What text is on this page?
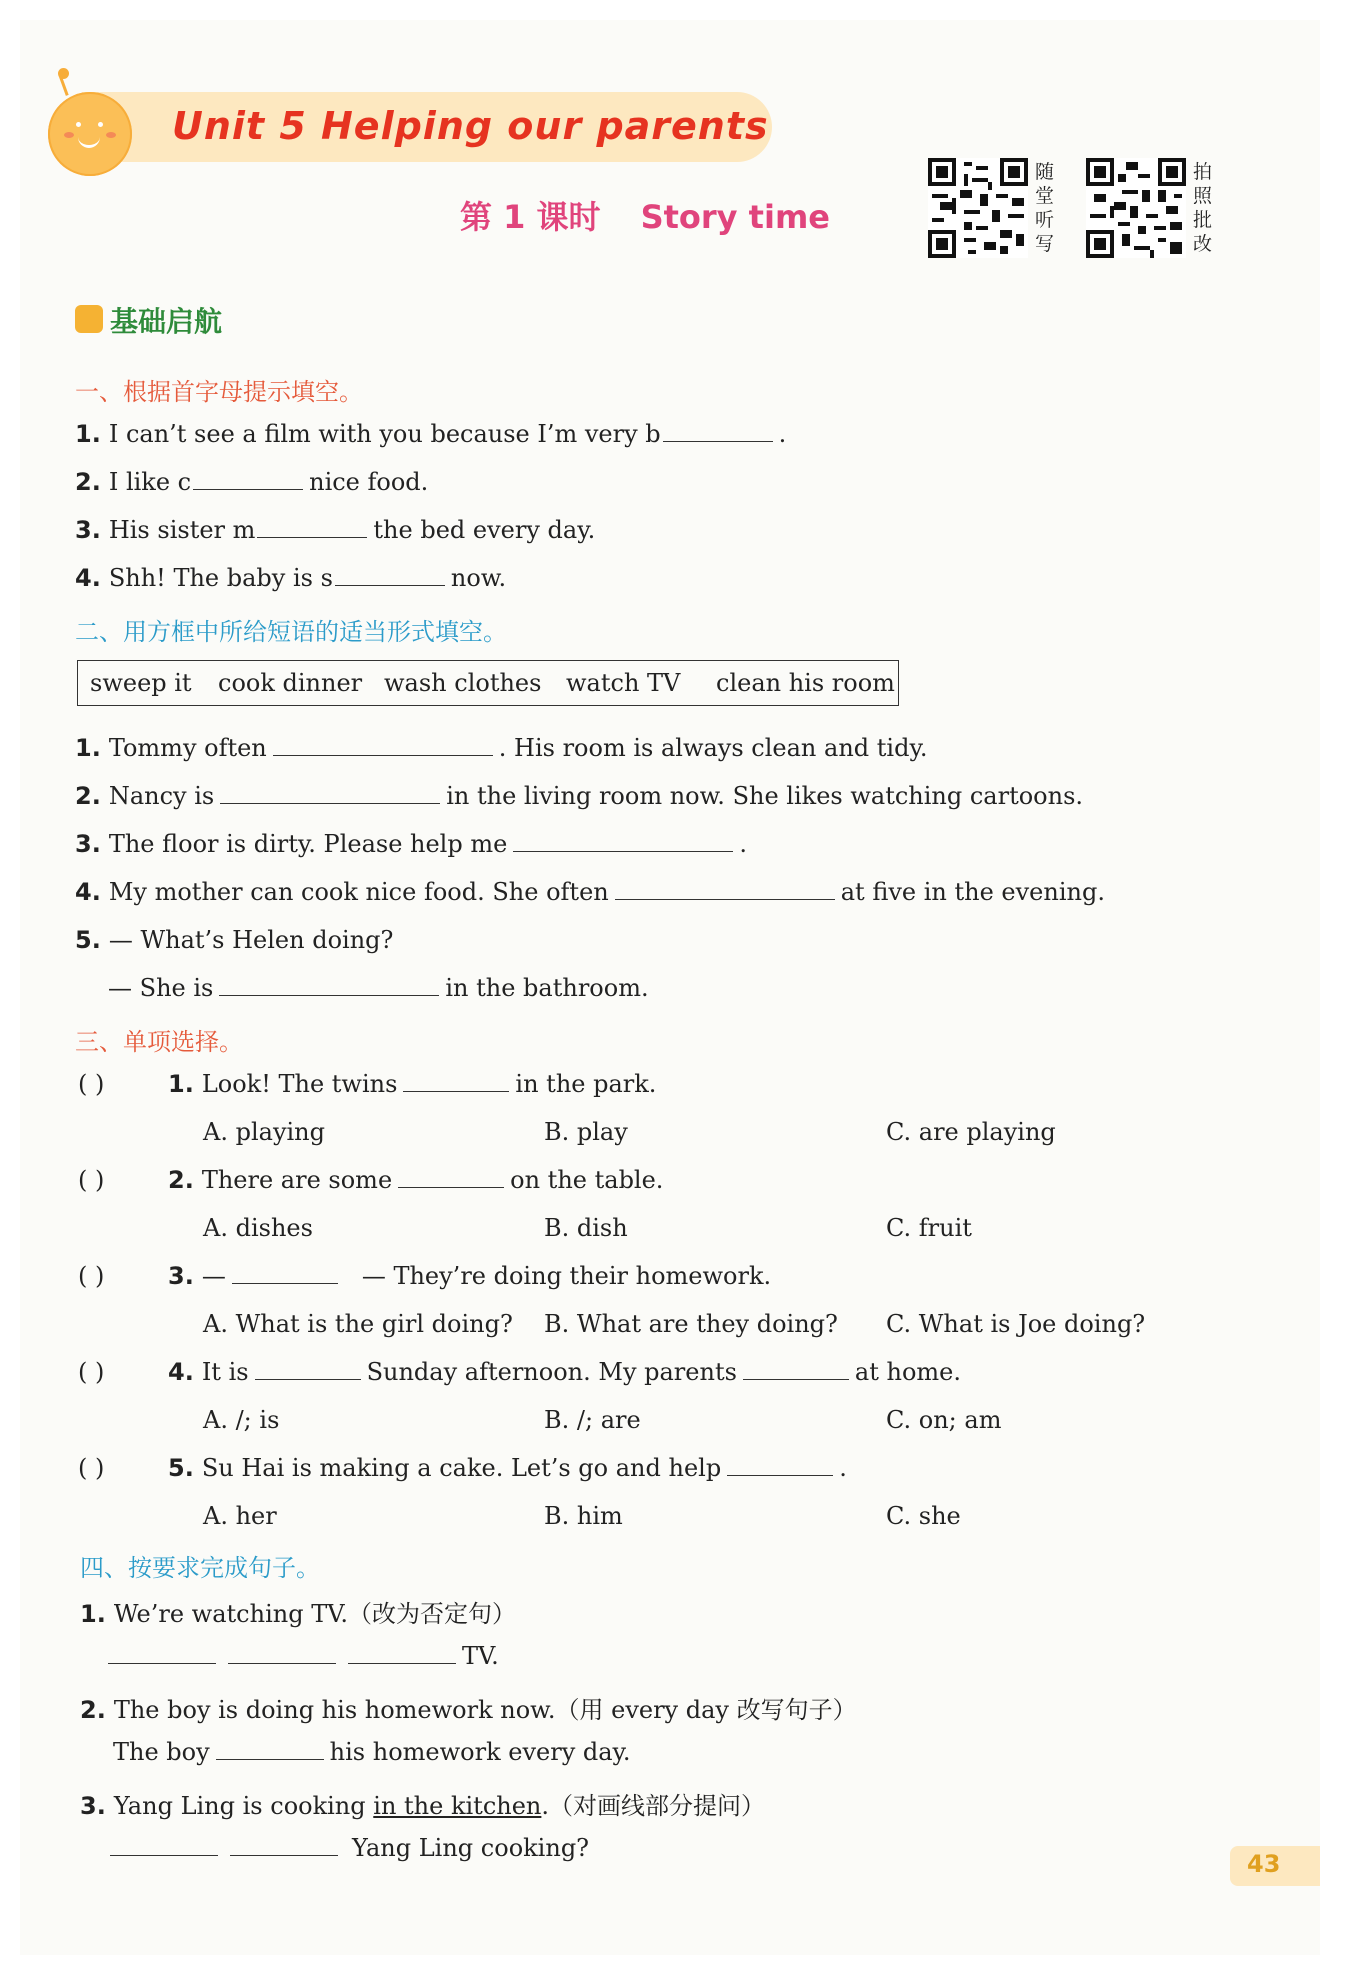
Unit 5 Helping our parents
第 1 课时 Story time
随堂听写
拍照批改
基础启航
一、根据首字母提示填空。
1. I can’t see a film with you because I’m very b	.
2. I like c	nice food.
3. His sister m	the bed every day.
4. Shh! The baby is s	now.
二、用方框中所给短语的适当形式填空。
sweep it cook dinner wash clothes watch TV clean his room
1. Tommy often	. His room is always clean and tidy.
2. Nancy is	in the living room now. She likes watching cartoons.
3. The floor is dirty. Please help me	.
4. My mother can cook nice food. She often	at five in the evening.
5. — What’s Helen doing?
— She is	in the bathroom.
三、单项选择。
( )	1. Look! The twins	in the park.
A. playing	B. play	C. are playing
( )	2. There are some	on the table.
A. dishes	B. dish	C. fruit
( )	3. —	— They’re doing their homework.
A. What is the girl doing? B. What are they doing? C. What is Joe doing?
( )	4. It is	Sunday afternoon. My parents	at home.
A. /; is	B. /; are	C. on; am
( )	5. Su Hai is making a cake. Let’s go and help	.
A. her	B. him	C. she
四、按要求完成句子。
1. We’re watching TV.（改为否定句）
TV.
2. The boy is doing his homework now.（用 every day 改写句子）
The boy	his homework every day.
3. Yang Ling is cooking in the kitchen.（对画线部分提问）
Yang Ling cooking?
43
